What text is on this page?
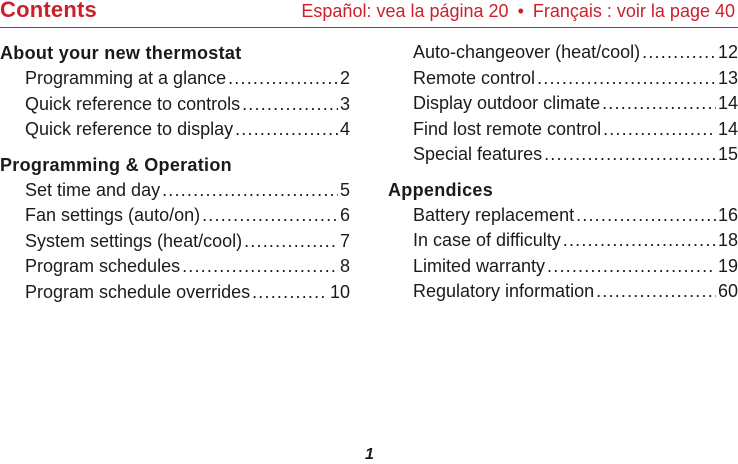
Contents	Español: vea la página 20 • Français : voir la page 40
About your new thermostat
Programming at a glance .....	2
Quick reference to controls .....	3
Quick reference to display .....	4
Programming & Operation
Set time and day .....	5
Fan settings (auto/on) .....	6
System settings (heat/cool) .....	7
Program schedules .....	8
Program schedule overrides .....	10
Auto-changeover (heat/cool) .....	12
Remote control .....	13
Display outdoor climate .....	14
Find lost remote control .....	14
Special features .....	15
Appendices
Battery replacement .....	16
In case of difficulty .....	18
Limited warranty .....	19
Regulatory information .....	60
1
